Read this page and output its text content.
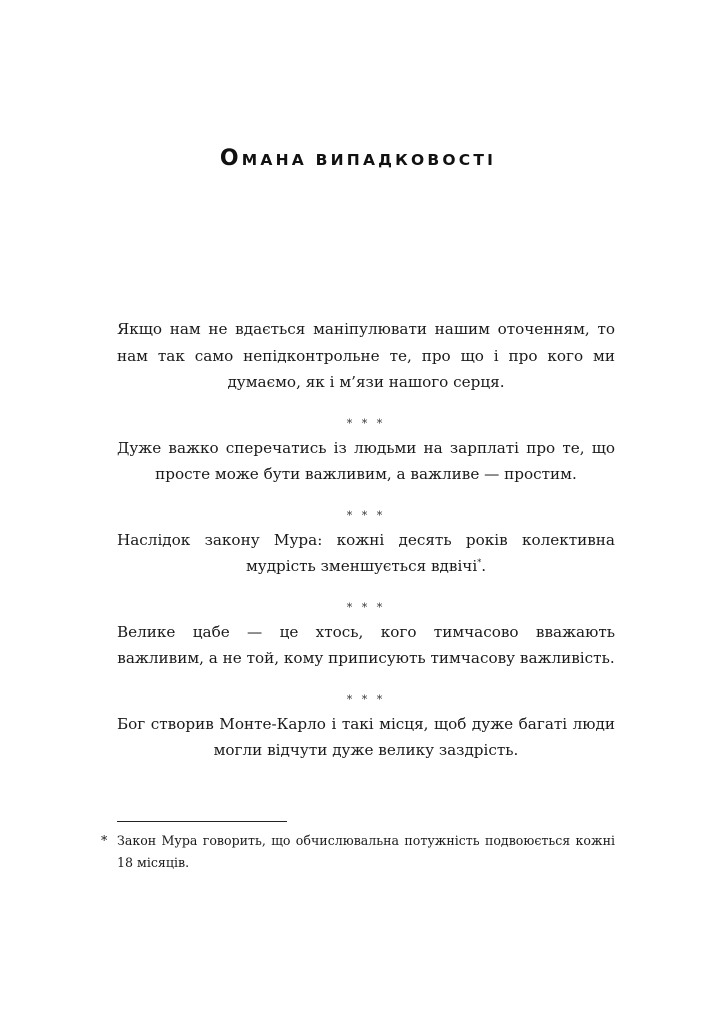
ОМАНА ВИПАДКОВОСТІ

Якщо нам не вдається маніпулювати нашим оточенням, то нам так само непідконтрольне те, про що і про кого ми думаємо, як і м’язи нашого серця.

* * *

Дуже важко сперечатись із людьми на зарплаті про те, що просте може бути важливим, а важливе — простим.

* * *

Наслідок закону Мура: кожні десять років колективна мудрість зменшується вдвічі*.

* * *

Велике цабе — це хтось, кого тимчасово вважають важливим, а не той, кому приписують тимчасову важливість.

* * *

Бог створив Монте-Карло і такі місця, щоб дуже багаті люди могли відчути дуже велику заздрість.

* Закон Мура говорить, що обчислювальна потужність подвоюється кожні 18 місяців.
